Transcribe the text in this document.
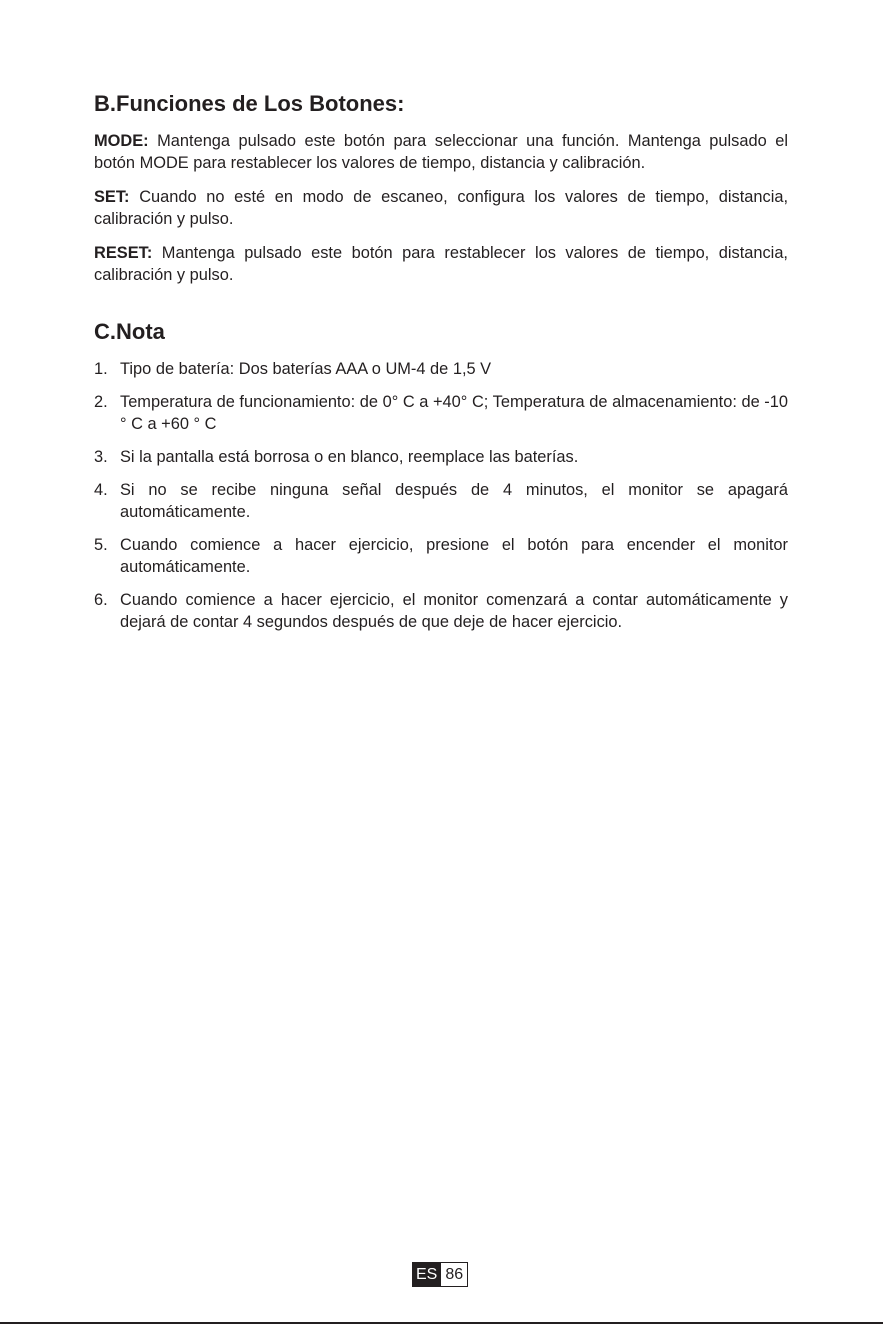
B.Funciones de Los Botones:

MODE: Mantenga pulsado este botón para seleccionar una función. Mantenga pulsado el botón MODE para restablecer los valores de tiempo, distancia y calibración.

SET: Cuando no esté en modo de escaneo, configura los valores de tiempo, distancia, calibración y pulso.

RESET: Mantenga pulsado este botón para restablecer los valores de tiempo, distancia, calibración y pulso.

C.Nota
1. Tipo de batería: Dos baterías AAA o UM-4 de 1,5 V
2. Temperatura de funcionamiento: de 0° C a +40° C; Temperatura de almacenamiento: de -10 ° C a +60 ° C
3. Si la pantalla está borrosa o en blanco, reemplace las baterías.
4. Si no se recibe ninguna señal después de 4 minutos, el monitor se apagará automáticamente.
5. Cuando comience a hacer ejercicio, presione el botón para encender el monitor automáticamente.
6. Cuando comience a hacer ejercicio, el monitor comenzará a contar automáticamente y dejará de contar 4 segundos después de que deje de hacer ejercicio.
ES 86
